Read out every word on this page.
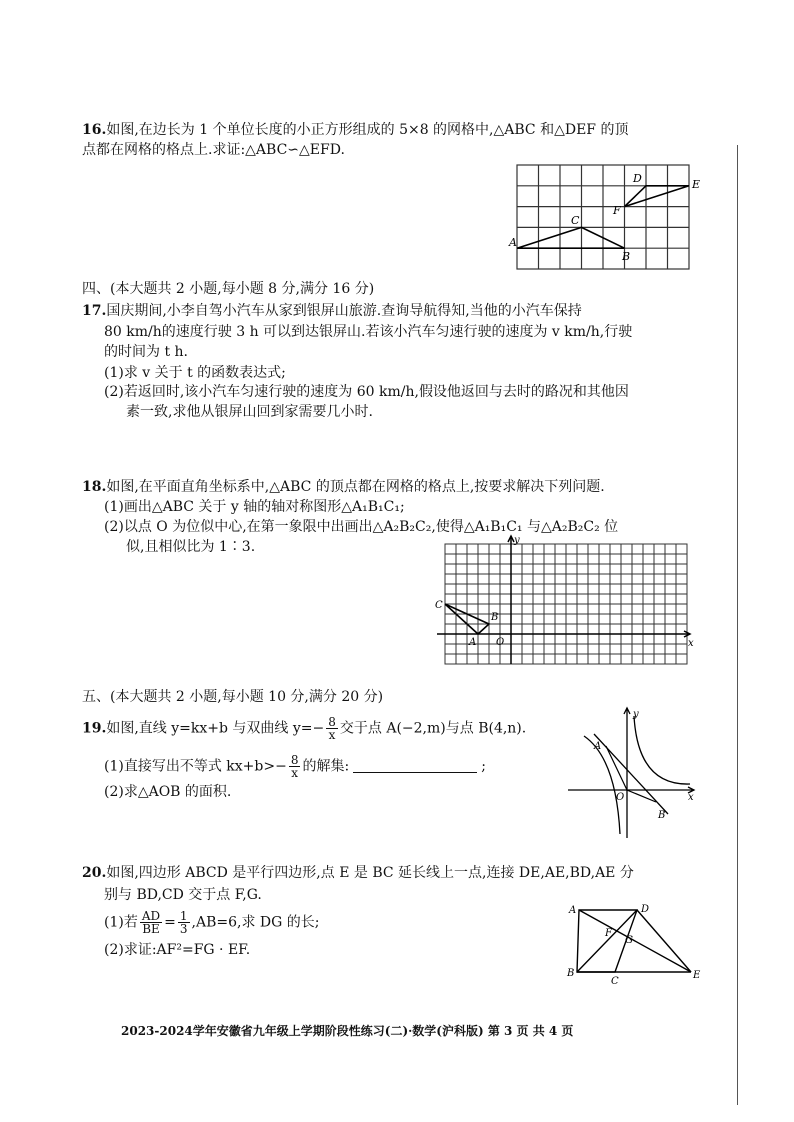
16.如图,在边长为 1 个单位长度的小正方形组成的 5×8 的网格中,△ABC 和△DEF 的顶
点都在网格的格点上.求证:△ABC∽△EFD.
A
B
C
D	E
F
四、(本大题共 2 小题,每小题 8 分,满分 16 分)
17.国庆期间,小李自驾小汽车从家到银屏山旅游.查询导航得知,当他的小汽车保持
80 km/h的速度行驶 3 h 可以到达银屏山.若该小汽车匀速行驶的速度为 v km/h,行驶
的时间为 t h.
(1)求 v 关于 t 的函数表达式;
(2)若返回时,该小汽车匀速行驶的速度为 60 km/h,假设他返回与去时的路况和其他因
素一致,求他从银屏山回到家需要几小时.
18.如图,在平面直角坐标系中,△ABC 的顶点都在网格的格点上,按要求解决下列问题.
(1)画出△ABC 关于 y 轴的轴对称图形△A₁B₁C₁;
(2)以点 O 为位似中心,在第一象限中出画出△A₂B₂C₂,使得△A₁B₁C₁ 与△A₂B₂C₂ 位
似,且相似比为 1∶3.	y
x
O
A
B
C
五、(本大题共 2 小题,每小题 10 分,满分 20 分)
19.如图,直线 y=kx+b 与双曲线 $y=- \frac{8}{x}$ 交于点 A(−2,m)与点 B(4,n).
(1)直接写出不等式 $kx+b>- \frac{8}{x}$ 的解集:	;
(2)求△AOB 的面积.
y
x
O
A
B
20.如图,四边形 ABCD 是平行四边形,点 E 是 BC 延长线上一点,连接 DE,AE,BD,AE 分
别与 BD,CD 交于点 F,G.
(1)若 $\frac{AD}{BE} = \frac{1}{3} ,AB=6$,求 DG 的长;
(2)求证:AF²=FG · EF.
A	D
B
C
E
F
G
2023-2024学年安徽省九年级上学期阶段性练习(二)·数学(沪科版) 第 3 页 共 4 页
